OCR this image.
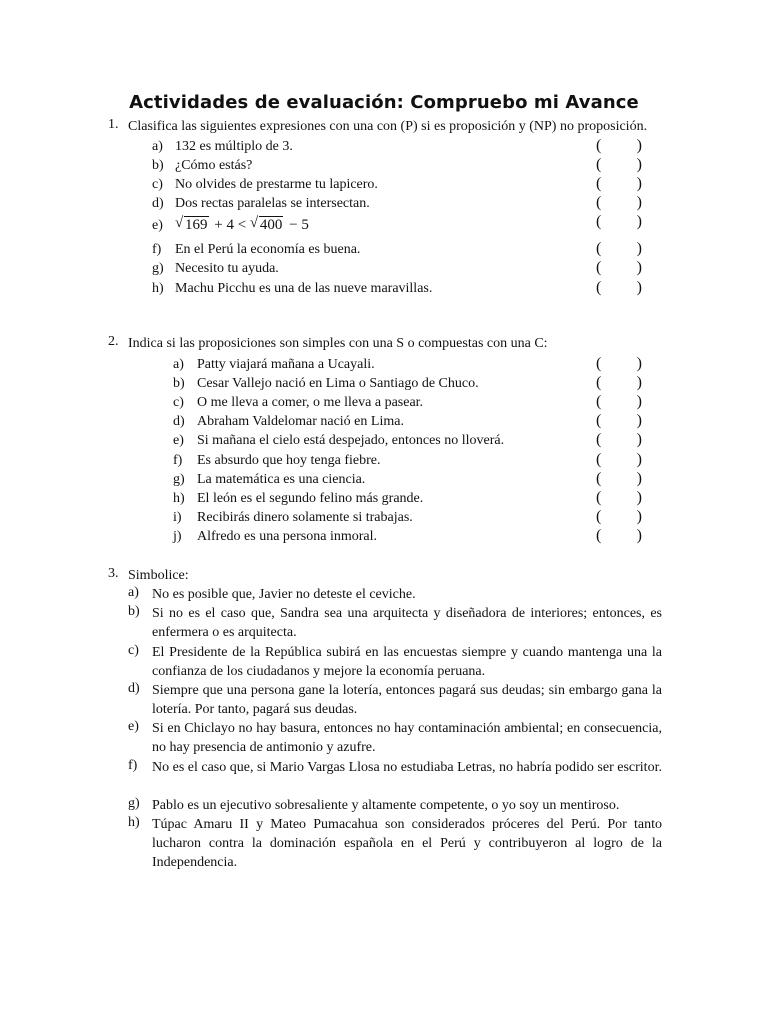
Actividades de evaluación: Compruebo mi Avance
1. Clasifica las siguientes expresiones con una con (P) si es proposición y (NP) no proposición.
a) 132 es múltiplo de 3.	( )
b) ¿Cómo estás?	( )
c) No olvides de prestarme tu lapicero.	( )
d) Dos rectas paralelas se intersectan.	( )
e) √ 169 + 4 < √ 400 − 5	( )
f) En el Perú la economía es buena.	( )
g) Necesito tu ayuda.	( )
h) Machu Picchu es una de las nueve maravillas.	( )
2. Indica si las proposiciones son simples con una S o compuestas con una C:
a) Patty viajará mañana a Ucayali.	( )
b) Cesar Vallejo nació en Lima o Santiago de Chuco.	( )
c) O me lleva a comer, o me lleva a pasear.	( )
d) Abraham Valdelomar nació en Lima.	( )
e) Si mañana el cielo está despejado, entonces no lloverá.	( )
f) Es absurdo que hoy tenga fiebre.	( )
g) La matemática es una ciencia.	( )
h) El león es el segundo felino más grande.	( )
i) Recibirás dinero solamente si trabajas.	( )
j) Alfredo es una persona inmoral.	( )
3. Simbolice:
a) No es posible que, Javier no deteste el ceviche.
b) Si no es el caso que, Sandra sea una arquitecta y diseñadora de interiores; entonces, es enfermera o es arquitecta.
c) El Presidente de la República subirá en las encuestas siempre y cuando mantenga una la confianza de los ciudadanos y mejore la economía peruana.
d) Siempre que una persona gane la lotería, entonces pagará sus deudas; sin embargo gana la lotería. Por tanto, pagará sus deudas.
e) Si en Chiclayo no hay basura, entonces no hay contaminación ambiental; en consecuencia, no hay presencia de antimonio y azufre.
f) No es el caso que, si Mario Vargas Llosa no estudiaba Letras, no habría podido ser escritor.
g) Pablo es un ejecutivo sobresaliente y altamente competente, o yo soy un mentiroso.
h) Túpac Amaru II y Mateo Pumacahua son considerados próceres del Perú. Por tanto lucharon contra la dominación española en el Perú y contribuyeron al logro de la Independencia.
